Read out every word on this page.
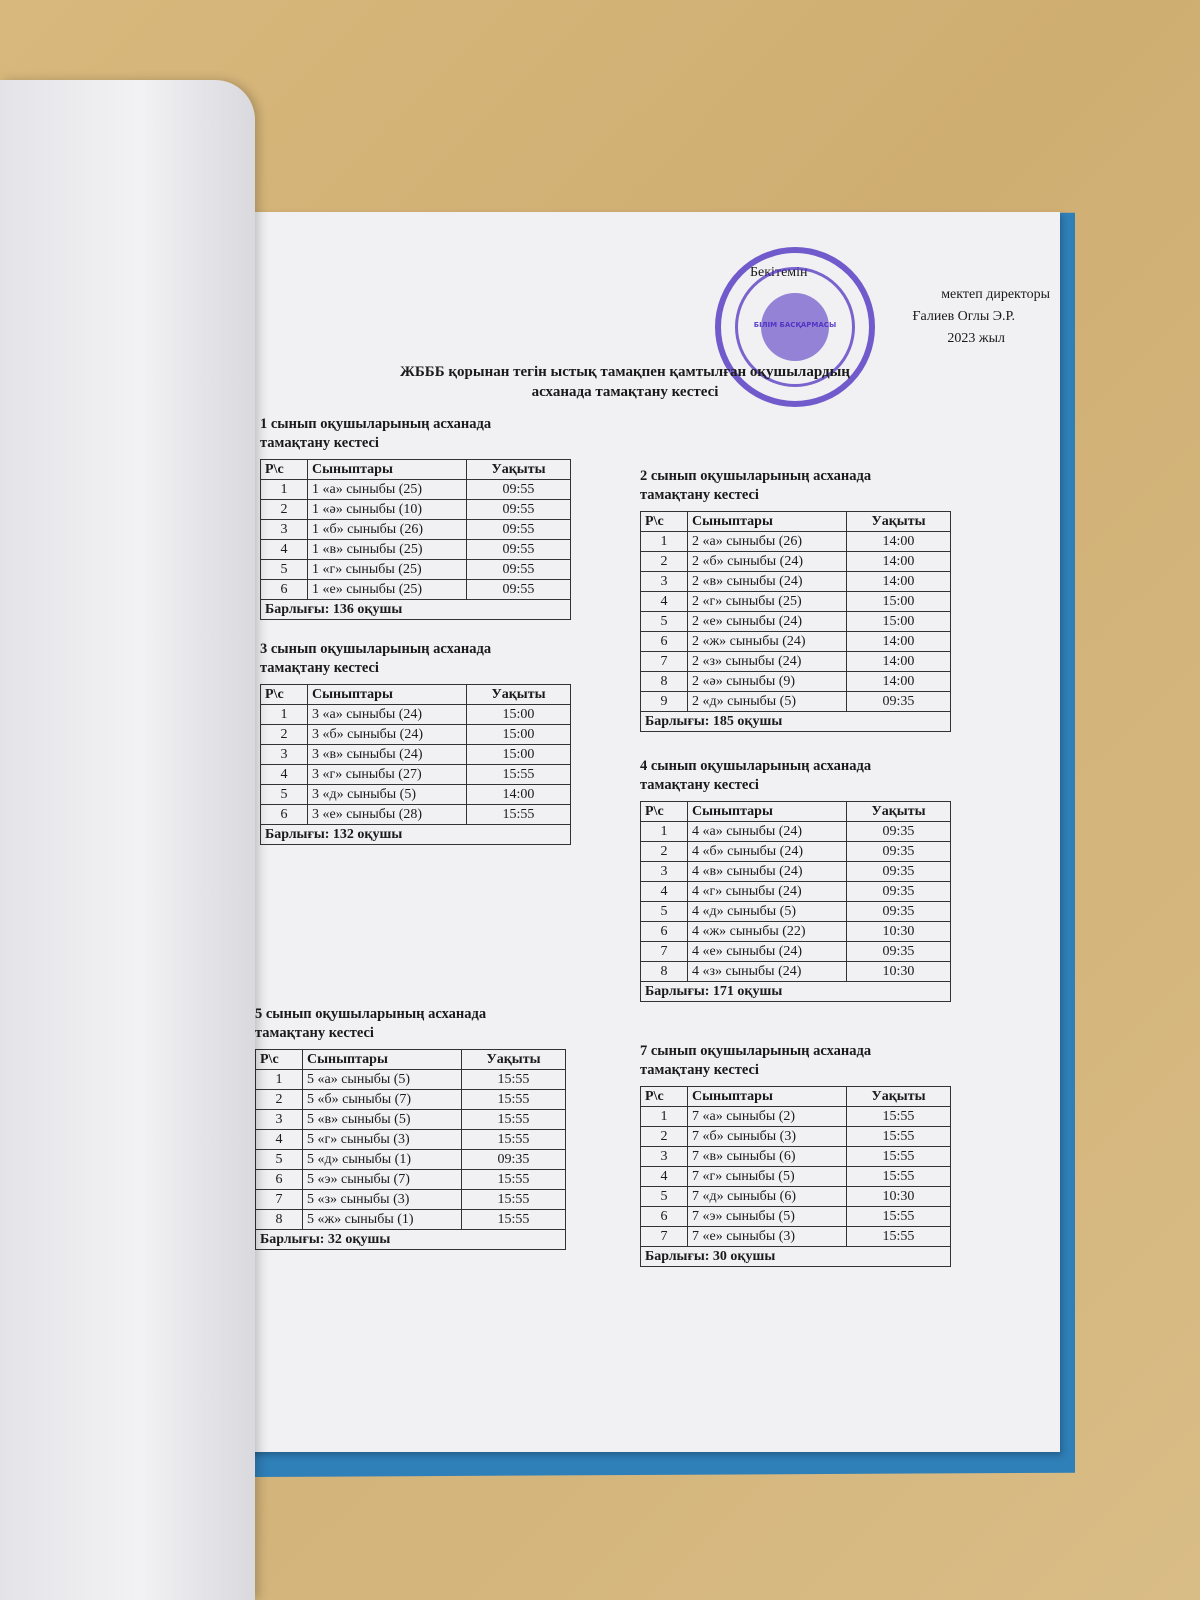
Бекітемін
мектеп директоры
Ғалиев Оглы Э.Р.
2023 жыл
БІЛІМ БАСҚАРМАСЫ
ЖБББ қорынан тегін ыстық тамақпен қамтылған оқушылардың
асханада тамақтану кестесі
1 сынып оқушыларының асханада тамақтану кестесі
Р\с	Сыныптары	Уақыты
1	1 «а» сыныбы (25)	09:55
2	1 «ә» сыныбы (10)	09:55
3	1 «б» сыныбы (26)	09:55
4	1 «в» сыныбы (25)	09:55
5	1 «г» сыныбы (25)	09:55
6	1 «е» сыныбы (25)	09:55
Барлығы: 136 оқушы		
3 сынып оқушыларының асханада тамақтану кестесі
Р\с	Сыныптары	Уақыты
1	3 «а» сыныбы (24)	15:00
2	3 «б» сыныбы (24)	15:00
3	3 «в» сыныбы (24)	15:00
4	3 «г» сыныбы (27)	15:55
5	3 «д» сыныбы (5)	14:00
6	3 «е» сыныбы (28)	15:55
Барлығы: 132 оқушы		
5 сынып оқушыларының асханада тамақтану кестесі
Р\с	Сыныптары	Уақыты
1	5 «а» сыныбы (5)	15:55
2	5 «б» сыныбы (7)	15:55
3	5 «в» сыныбы (5)	15:55
4	5 «г» сыныбы (3)	15:55
5	5 «д» сыныбы (1)	09:35
6	5 «э» сыныбы (7)	15:55
7	5 «з» сыныбы (3)	15:55
8	5 «ж» сыныбы (1)	15:55
Барлығы: 32 оқушы		
2 сынып оқушыларының асханада тамақтану кестесі
Р\с	Сыныптары	Уақыты
1	2 «а» сыныбы (26)	14:00
2	2 «б» сыныбы (24)	14:00
3	2 «в» сыныбы (24)	14:00
4	2 «г» сыныбы (25)	15:00
5	2 «е» сыныбы (24)	15:00
6	2 «ж» сыныбы (24)	14:00
7	2 «з» сыныбы (24)	14:00
8	2 «ә» сыныбы (9)	14:00
9	2 «д» сыныбы (5)	09:35
Барлығы: 185 оқушы		
4 сынып оқушыларының асханада тамақтану кестесі
Р\с	Сыныптары	Уақыты
1	4 «а» сыныбы (24)	09:35
2	4 «б» сыныбы (24)	09:35
3	4 «в» сыныбы (24)	09:35
4	4 «г» сыныбы (24)	09:35
5	4 «д» сыныбы (5)	09:35
6	4 «ж» сыныбы (22)	10:30
7	4 «е» сыныбы (24)	09:35
8	4 «з» сыныбы (24)	10:30
Барлығы: 171 оқушы		
7 сынып оқушыларының асханада тамақтану кестесі
Р\с	Сыныптары	Уақыты
1	7 «а» сыныбы (2)	15:55
2	7 «б» сыныбы (3)	15:55
3	7 «в» сыныбы (6)	15:55
4	7 «г» сыныбы (5)	15:55
5	7 «д» сыныбы (6)	10:30
6	7 «э» сыныбы (5)	15:55
7	7 «е» сыныбы (3)	15:55
Барлығы: 30 оқушы		
